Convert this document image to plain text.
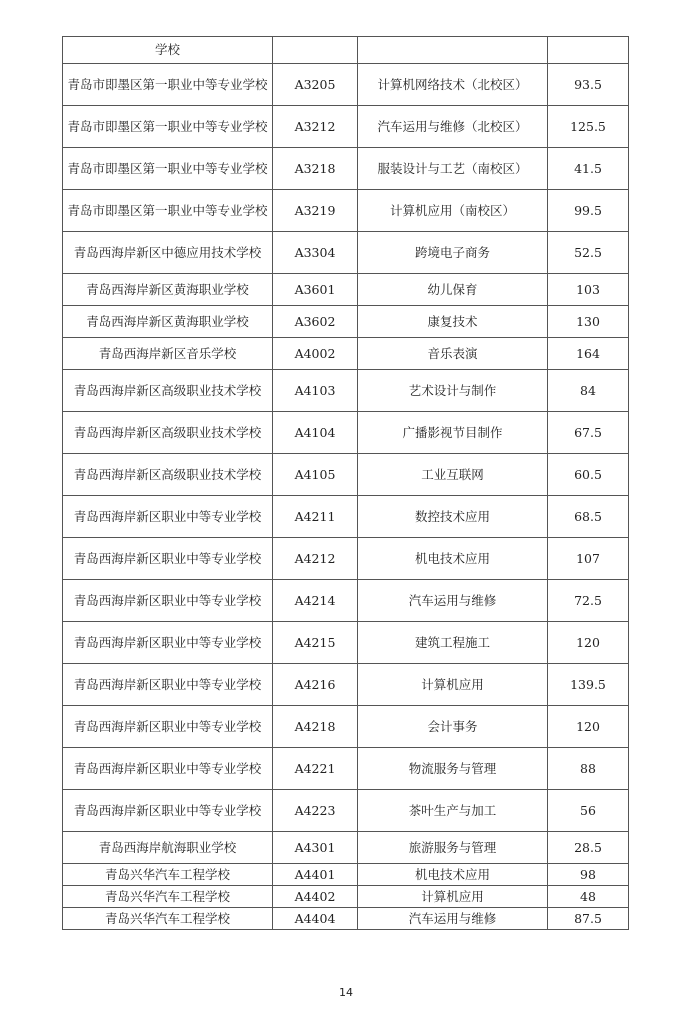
学校			
青岛市即墨区第一职业中等专业学校	A3205	计算机网络技术（北校区）	93.5
青岛市即墨区第一职业中等专业学校	A3212	汽车运用与维修（北校区）	125.5
青岛市即墨区第一职业中等专业学校	A3218	服装设计与工艺（南校区）	41.5
青岛市即墨区第一职业中等专业学校	A3219	计算机应用（南校区）	99.5
青岛西海岸新区中德应用技术学校	A3304	跨境电子商务	52.5
青岛西海岸新区黄海职业学校	A3601	幼儿保育	103
青岛西海岸新区黄海职业学校	A3602	康复技术	130
青岛西海岸新区音乐学校	A4002	音乐表演	164
青岛西海岸新区高级职业技术学校	A4103	艺术设计与制作	84
青岛西海岸新区高级职业技术学校	A4104	广播影视节目制作	67.5
青岛西海岸新区高级职业技术学校	A4105	工业互联网	60.5
青岛西海岸新区职业中等专业学校	A4211	数控技术应用	68.5
青岛西海岸新区职业中等专业学校	A4212	机电技术应用	107
青岛西海岸新区职业中等专业学校	A4214	汽车运用与维修	72.5
青岛西海岸新区职业中等专业学校	A4215	建筑工程施工	120
青岛西海岸新区职业中等专业学校	A4216	计算机应用	139.5
青岛西海岸新区职业中等专业学校	A4218	会计事务	120
青岛西海岸新区职业中等专业学校	A4221	物流服务与管理	88
青岛西海岸新区职业中等专业学校	A4223	茶叶生产与加工	56
青岛西海岸航海职业学校	A4301	旅游服务与管理	28.5
青岛兴华汽车工程学校	A4401	机电技术应用	98
青岛兴华汽车工程学校	A4402	计算机应用	48
青岛兴华汽车工程学校	A4404	汽车运用与维修	87.5
14
